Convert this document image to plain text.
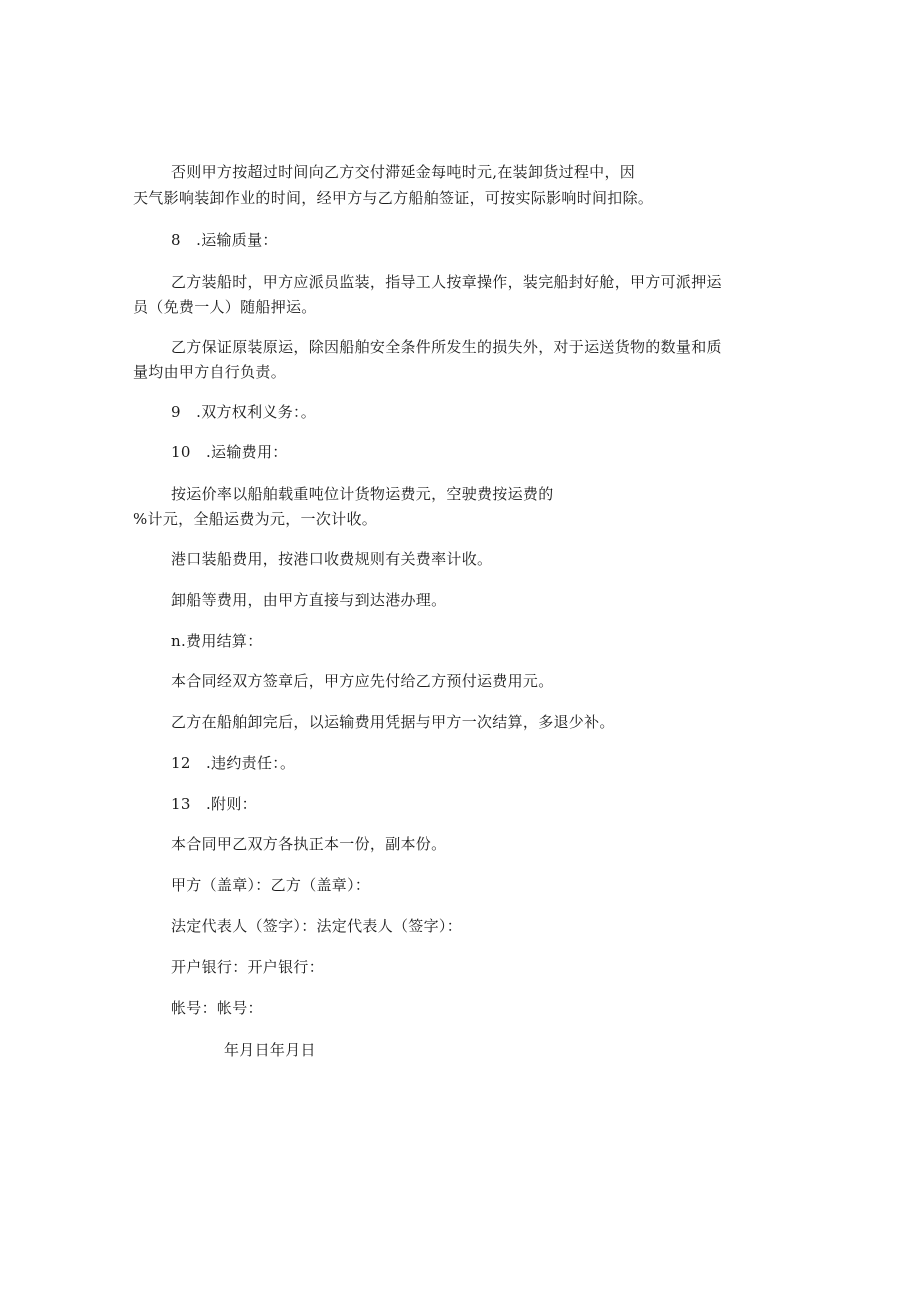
否则甲方按超过时间向乙方交付滞延金每吨时元,在装卸货过程中，因
天气影响装卸作业的时间，经甲方与乙方船舶签证，可按实际影响时间扣除。
8　.运输质量：
乙方装船时，甲方应派员监装，指导工人按章操作，装完船封好舱，甲方可派押运
员（免费一人）随船押运。
乙方保证原装原运，除因船舶安全条件所发生的损失外，对于运送货物的数量和质
量均由甲方自行负责。
9　.双方权利义务：。
10　.运输费用：
按运价率以船舶载重吨位计货物运费元，空驶费按运费的
%计元，全船运费为元，一次计收。
港口装船费用，按港口收费规则有关费率计收。
卸船等费用，由甲方直接与到达港办理。
n.费用结算：
本合同经双方签章后，甲方应先付给乙方预付运费用元。
乙方在船舶卸完后，以运输费用凭据与甲方一次结算，多退少补。
12　.违约责任：。
13　.附则：
本合同甲乙双方各执正本一份，副本份。
甲方（盖章）：乙方（盖章）：
法定代表人（签字）：法定代表人（签字）：
开户银行：开户银行：
帐号：帐号：
年月日年月日
